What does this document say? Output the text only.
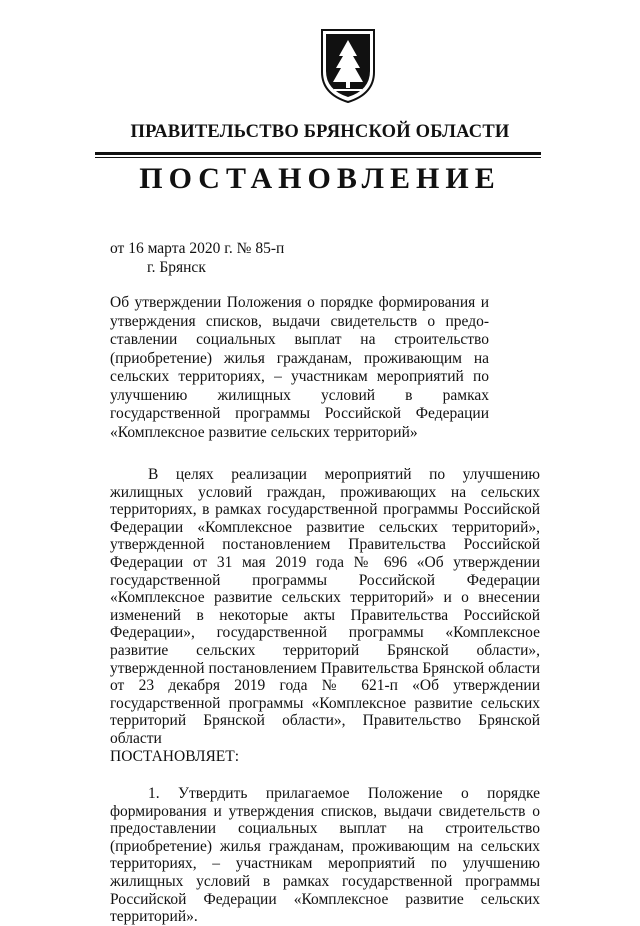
ПРАВИТЕЛЬСТВО БРЯНСКОЙ ОБЛАСТИ
ПОСТАНОВЛЕНИЕ
от 16 марта 2020 г. № 85-п
г. Брянск
Об утверждении Положения о порядке формирования и утверждения списков, выдачи свидетельств о предо-ставлении социальных выплат на строительство (приобретение) жилья гражданам, проживающим на сельских территориях, – участникам мероприятий по улучшению жилищных условий в рамках государственной программы Российской Федерации «Комплексное развитие сельских территорий»

В целях реализации мероприятий по улучшению жилищных условий граждан, проживающих на сельских территориях, в рамках государственной программы Российской Федерации «Комплексное развитие сельских территорий», утвержденной постановлением Правительства Российской Федерации от 31 мая 2019 года № 696 «Об утверждении государственной программы Российской Федерации «Комплексное развитие сельских территорий» и о внесении изменений в некоторые акты Правительства Российской Федерации», государственной программы «Комплексное развитие сельских территорий Брянской области», утвержденной постановлением Правительства Брянской области от 23 декабря 2019 года № 621-п «Об утверждении государственной программы «Комплексное развитие сельских территорий Брянской области», Правительство Брянской области

ПОСТАНОВЛЯЕТ:

1. Утвердить прилагаемое Положение о порядке формирования и утверждения списков, выдачи свидетельств о предоставлении социальных выплат на строительство (приобретение) жилья гражданам, проживающим на сельских территориях, – участникам мероприятий по улучшению жилищных условий в рамках государственной программы Российской Федерации «Комплексное развитие сельских территорий».
